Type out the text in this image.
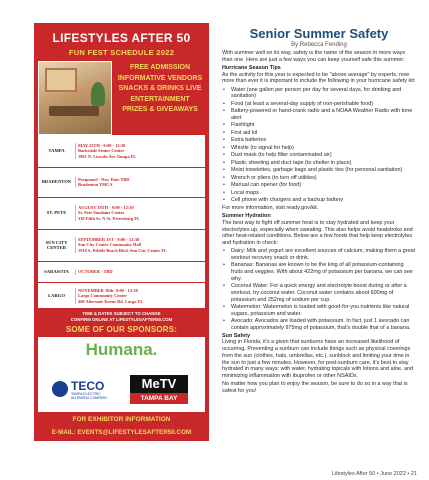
LIFESTYLES AFTER 50
FUN FEST SCHEDULE 2022
FREE ADMISSION
INFORMATIVE VENDORS
SNACKS & DRINKS LIVE
ENTERTAINMENT
PRIZES & GIVEAWAYS
TAMPA
MAY 25TH - 9:00 - 12:30
Barksdale Senior Center
1801 N. Lincoln Ave Tampa FL
BRADENTON
Postponed - New Date TBD
Bradenton YMCA
ST. PETE
AUGUST 18TH - 9:00 - 12:30
St. Pete Sunshine Center
330 Fifth St. N St. Petersburg FL
SUN CITY CENTER
SEPTEMBER 1ST - 9:00 - 12:30
Sun City Center Community Hall
1910 S. Pebble Beach Blvd. Sun City Center FL
SARASOTA	OCTOBER - TBD
LARGO
NOVEMBER 10th- 9:00 - 12:30
Largo Community Center
400 Alternate Keene Rd. Largo FL
TIME & DATES SUBJECT TO CHANGE
CONFIRM ONLINE AT LIFESTYLESAFTER50.COM
SOME OF OUR SPONSORS:
Humana.
TECO
TAMPA ELECTRIC
AN EMERA COMPANY
MeTV
TAMPA BAY
FOR EXHIBITOR INFORMATION
E-MAIL: EVENTS@LIFESTYLESAFTER50.COM
Senior Summer Safety
By Rebecca Fending

With summer well on its way, safety is the name of the season in more ways than one. Here are just a few ways you can keep yourself safe this summer:

Hurricane Season Tips

As the activity for this year is expected to be "above average" by experts, now more than ever it is important to include the following in your hurricane safety kit:

• Water (one gallon per person per day for several days, for drinking and sanitation)
• Food (at least a several-day supply of non-perishable food)
• Battery-powered or hand-crank radio and a NOAA Weather Radio with tone alert
• Flashlight
• First aid kit
• Extra batteries
• Whistle (to signal for help)
• Dust mask (to help filter contaminated air)
• Plastic sheeting and duct tape (to shelter in place)
• Moist towelettes, garbage bags and plastic ties (for personal sanitation)
• Wrench or pliers (to turn off utilities)
• Manual can opener (for food)
• Local maps
• Cell phone with chargers and a backup battery

For more information, visit ready.gov/kit.

Summer Hydration

The best way to fight off summer heat is to stay hydrated and keep your electrolytes up, especially when sweating. This also helps avoid heatstroke and other heat-related conditions. Below are a few foods that help keep electrolytes and hydration in check:

• Dairy: Milk and yogurt are excellent sources of calcium, making them a great workout recovery snack or drink.
• Bananas: Bananas are known to be the king of all potassium-containing fruits and veggies. With about 422mg of potassium per banana, we can see why.
• Coconut Water: For a quick energy and electrolyte boost during or after a workout, try coconut water. Coconut water contains about 600mg of potassium and 252mg of sodium per cup.
• Watermelon: Watermelon is loaded with good-for-you nutrients like natural sugars, potassium and water.
• Avocado: Avocados are loaded with potassium. In fact, just 1 avocado can contain approximately 975mg of potassium, that's double that of a banana.
Sun Safety

Living in Florida, it's a given that sunburns have an increased likelihood of occurring. Preventing a sunburn can include things such as physical coverings from the sun (clothes, hats, umbrellas, etc.), sunblock and limiting your time in the sun to just a few minutes. However, for post-sunburn care, it's best to stay hydrated in many ways: with water, hydrating topicals with lotions and aloe, and minimizing inflammation with ibuprofen or other NSAIDs.

No matter how you plan to enjoy the season, be sure to do so in a way that is safest for you!

Lifestyles After 50 • June 2022 • 21
